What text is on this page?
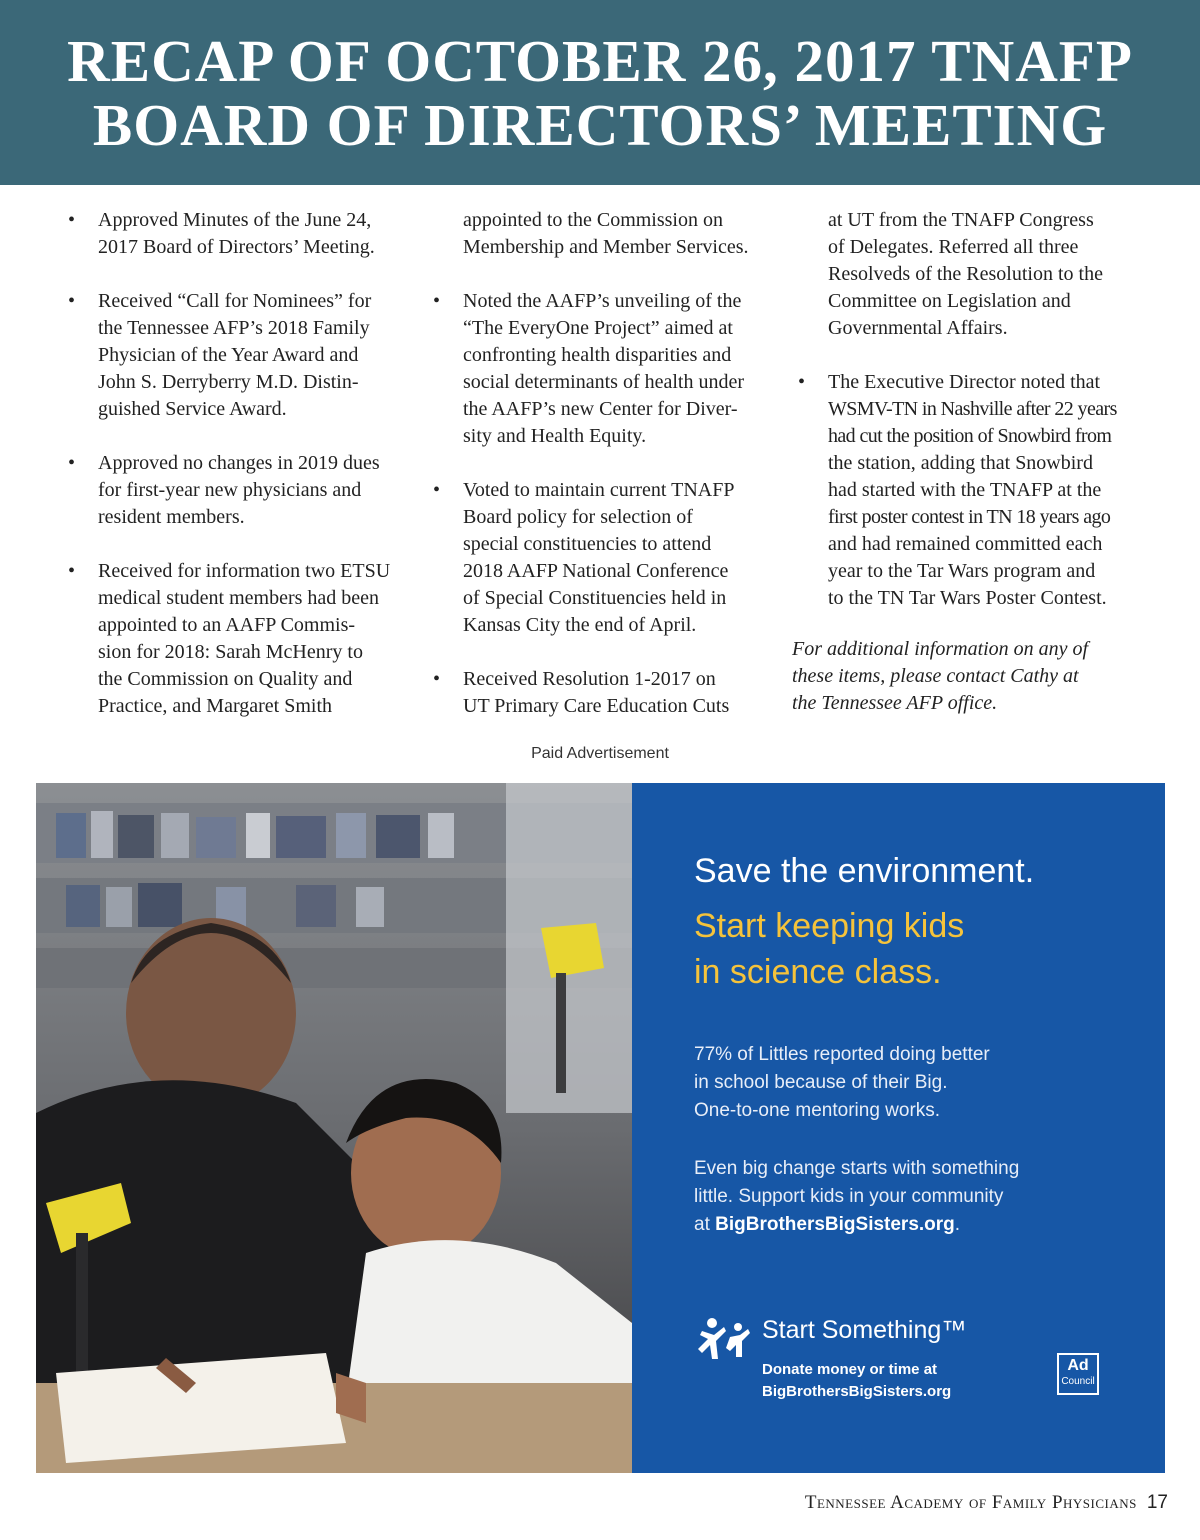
RECAP OF OCTOBER 26, 2017 TNAFP
BOARD OF DIRECTORS’ MEETING
• Approved Minutes of the June 24,
2017 Board of Directors’ Meeting.
• Received “Call for Nominees” for
the Tennessee AFP’s 2018 Family
Physician of the Year Award and
John S. Derryberry M.D. Distin-
guished Service Award.
• Approved no changes in 2019 dues
for first-year new physicians and
resident members.
• Received for information two ETSU
medical student members had been
appointed to an AAFP Commis-
sion for 2018: Sarah McHenry to
the Commission on Quality and
Practice, and Margaret Smith
appointed to the Commission on
Membership and Member Services.
• Noted the AAFP’s unveiling of the
“The EveryOne Project” aimed at
confronting health disparities and
social determinants of health under
the AAFP’s new Center for Diver-
sity and Health Equity.
• Voted to maintain current TNAFP
Board policy for selection of
special constituencies to attend
2018 AAFP National Conference
of Special Constituencies held in
Kansas City the end of April.
• Received Resolution 1-2017 on
UT Primary Care Education Cuts
at UT from the TNAFP Congress
of Delegates. Referred all three
Resolveds of the Resolution to the
Committee on Legislation and
Governmental Affairs.
• The Executive Director noted that
WSMV-TN in Nashville after 22 years
had cut the position of Snowbird from
the station, adding that Snowbird
had started with the TNAFP at the
first poster contest in TN 18 years ago
and had remained committed each
year to the Tar Wars program and
to the TN Tar Wars Poster Contest.
For additional information on any of
these items, please contact Cathy at
the Tennessee AFP office.
Paid Advertisement
Save the environment.
Start keeping kids
in science class.
77% of Littles reported doing better
in school because of their Big.
One-to-one mentoring works.
Even big change starts with something
little. Support kids in your community
at BigBrothersBigSisters.org.
Start Something™
Donate money or time at
BigBrothersBigSisters.org
Ad
Council
Tennessee Academy of Family Physicians 17
